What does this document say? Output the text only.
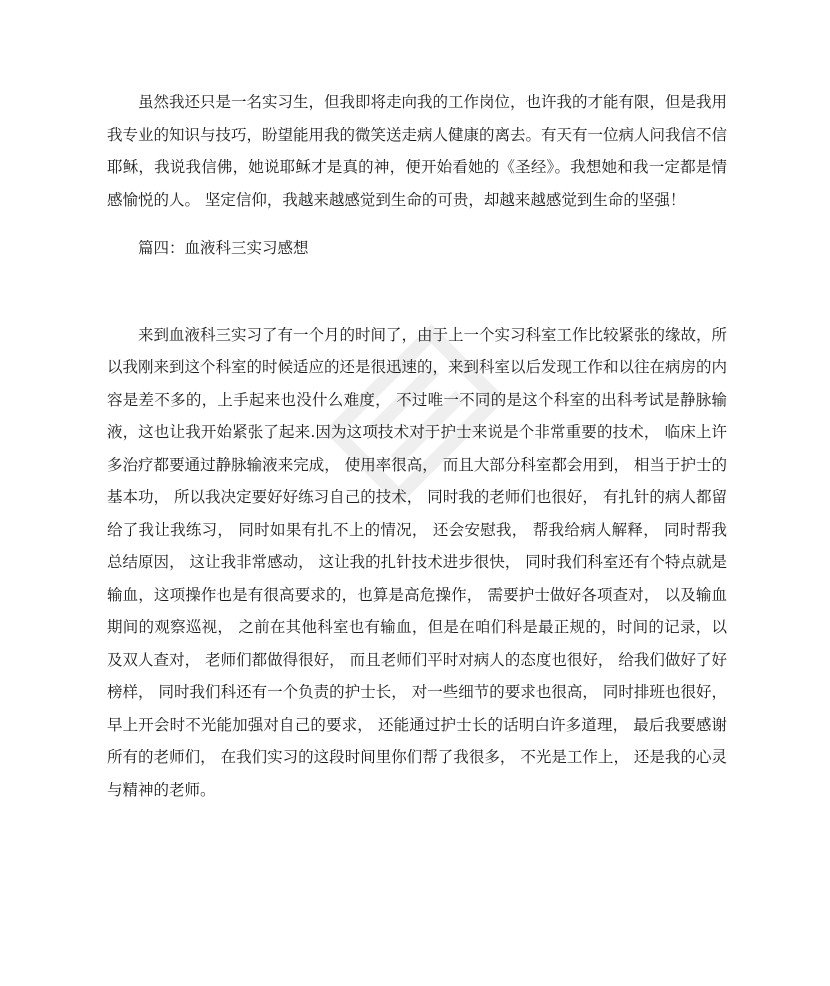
虽然我还只是一名实习生，但我即将走向我的工作岗位，也许我的才能有限，但是我用我专业的知识与技巧，盼望能用我的微笑送走病人健康的离去。有天有一位病人问我信不信耶稣，我说我信佛，她说耶稣才是真的神，便开始看她的《圣经》。我想她和我一定都是情感愉悦的人。 坚定信仰，我越来越感觉到生命的可贵，却越来越感觉到生命的坚强！

篇四：血液科三实习感想

来到血液科三实习了有一个月的时间了，由于上一个实习科室工作比较紧张的缘故，所以我刚来到这个科室的时候适应的还是很迅速的，来到科室以后发现工作和以往在病房的内容是差不多的，上手起来也没什么难度， 不过唯一不同的是这个科室的出科考试是静脉输液，这也让我开始紧张了起来.因为这项技术对于护士来说是个非常重要的技术， 临床上许多治疗都要通过静脉输液来完成， 使用率很高， 而且大部分科室都会用到， 相当于护士的基本功， 所以我决定要好好练习自己的技术， 同时我的老师们也很好， 有扎针的病人都留给了我让我练习， 同时如果有扎不上的情况， 还会安慰我， 帮我给病人解释， 同时帮我总结原因， 这让我非常感动， 这让我的扎针技术进步很快， 同时我们科室还有个特点就是输血，这项操作也是有很高要求的，也算是高危操作， 需要护士做好各项查对， 以及输血期间的观察巡视， 之前在其他科室也有输血，但是在咱们科是最正规的，时间的记录，以及双人查对， 老师们都做得很好， 而且老师们平时对病人的态度也很好， 给我们做好了好榜样， 同时我们科还有一个负责的护士长， 对一些细节的要求也很高， 同时排班也很好，早上开会时不光能加强对自己的要求， 还能通过护士长的话明白许多道理， 最后我要感谢所有的老师们， 在我们实习的这段时间里你们帮了我很多， 不光是工作上， 还是我的心灵与精神的老师。
